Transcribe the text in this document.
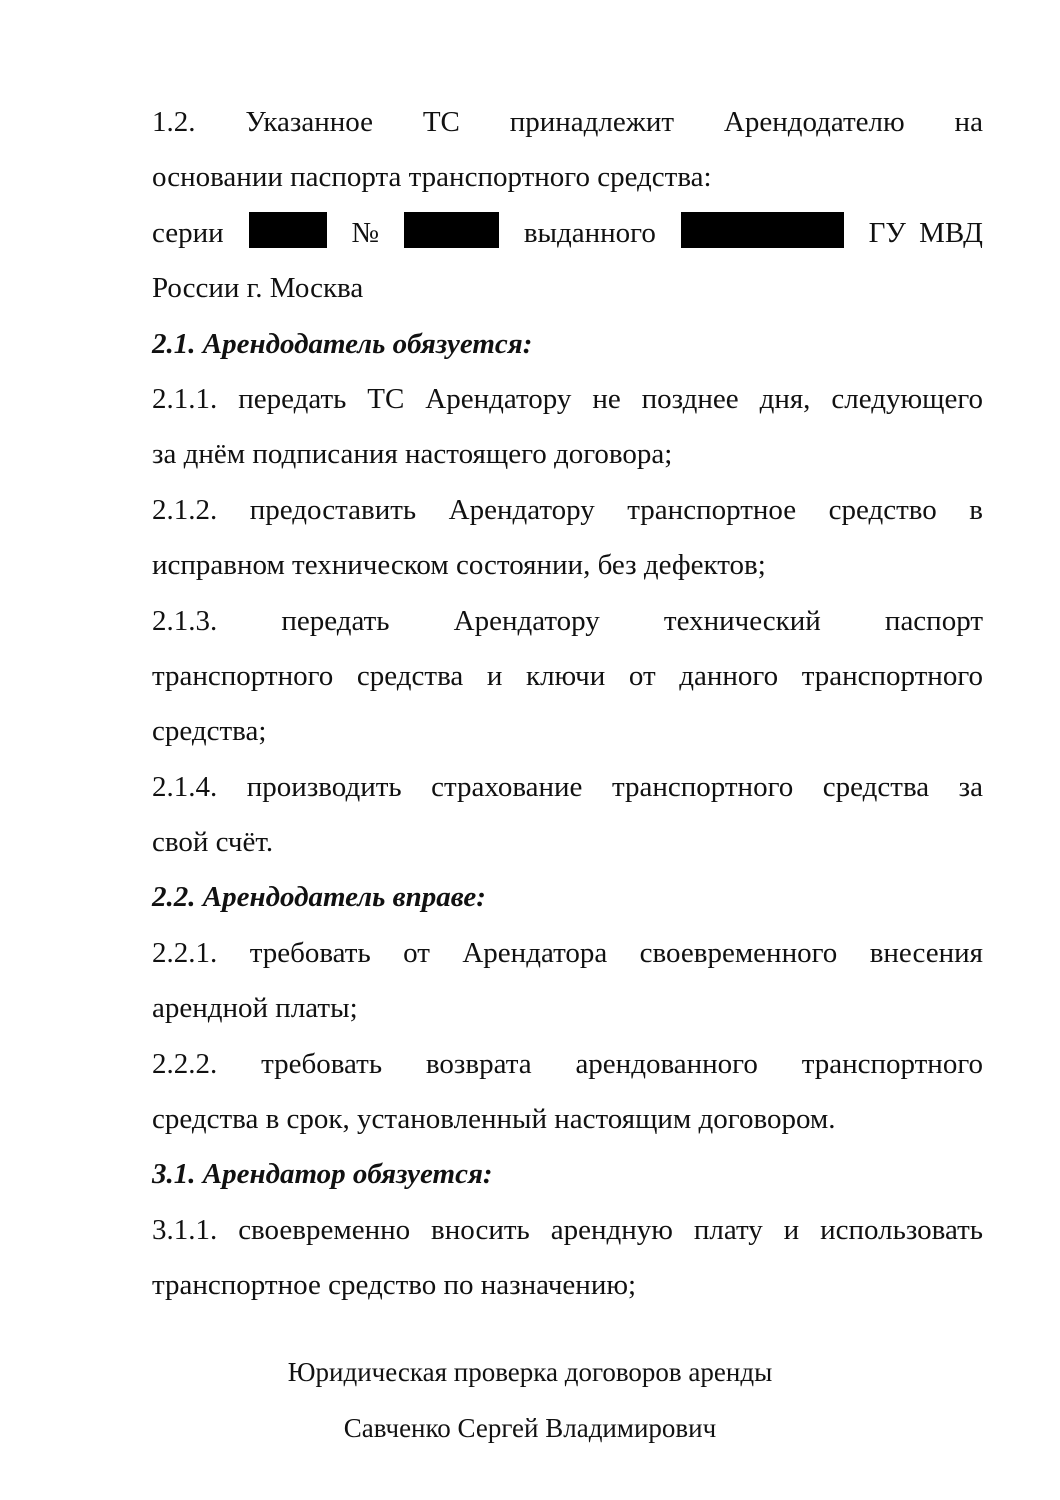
1.2. Указанное ТС принадлежит Арендодателю на
основании паспорта транспортного средства:
серии	№	выданного	ГУ МВД
России г. Москва
2.1. Арендодатель обязуется:
2.1.1. передать ТС Арендатору не позднее дня, следующего
за днём подписания настоящего договора;
2.1.2. предоставить Арендатору транспортное средство в
исправном техническом состоянии, без дефектов;
2.1.3. передать Арендатору технический паспорт
транспортного средства и ключи от данного транспортного
средства;
2.1.4. производить страхование транспортного средства за
свой счёт.
2.2. Арендодатель вправе:
2.2.1. требовать от Арендатора своевременного внесения
арендной платы;
2.2.2. требовать возврата арендованного транспортного
средства в срок, установленный настоящим договором.
3.1. Арендатор обязуется:
3.1.1. своевременно вносить арендную плату и использовать
транспортное средство по назначению;
Юридическая проверка договоров аренды
Савченко Сергей Владимирович
